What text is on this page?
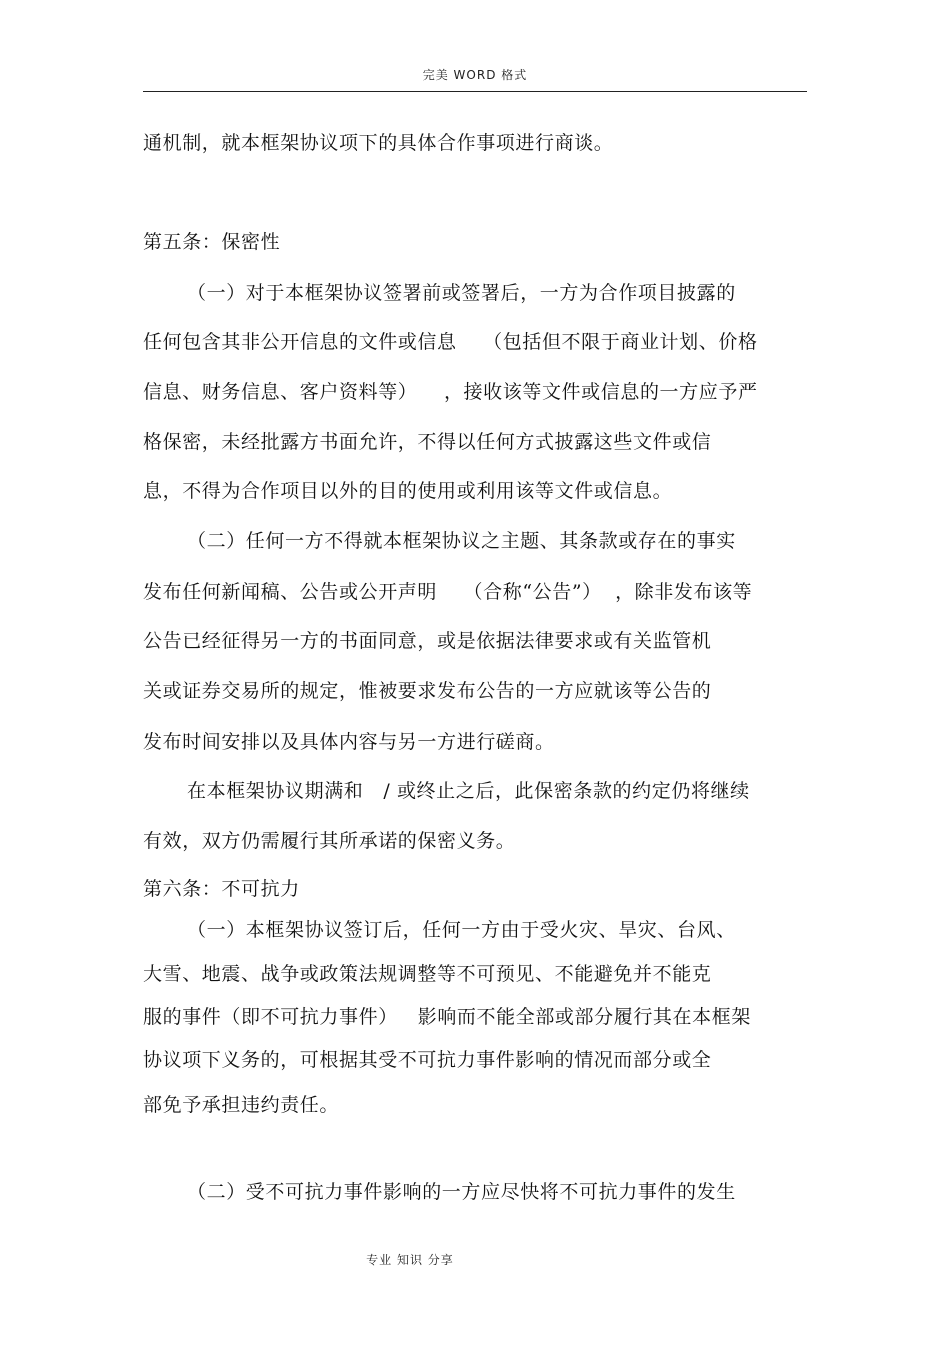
完美 WORD 格式
通机制，就本框架协议项下的具体合作事项进行商谈。
第五条：保密性
（一）对于本框架协议签署前或签署后，一方为合作项目披露的
任何包含其非公开信息的文件或信息    （包括但不限于商业计划、价格
信息、财务信息、客户资料等）    ，接收该等文件或信息的一方应予严
格保密，未经批露方书面允许，不得以任何方式披露这些文件或信
息，不得为合作项目以外的目的使用或利用该等文件或信息。
（二）任何一方不得就本框架协议之主题、其条款或存在的事实
发布任何新闻稿、公告或公开声明    （合称“公告”）  ，除非发布该等
公告已经征得另一方的书面同意，或是依据法律要求或有关监管机
关或证券交易所的规定，惟被要求发布公告的一方应就该等公告的
发布时间安排以及具体内容与另一方进行磋商。
在本框架协议期满和   / 或终止之后，此保密条款的约定仍将继续
有效，双方仍需履行其所承诺的保密义务。
第六条：不可抗力
（一）本框架协议签订后，任何一方由于受火灾、旱灾、台风、
大雪、地震、战争或政策法规调整等不可预见、不能避免并不能克
服的事件（即不可抗力事件）   影响而不能全部或部分履行其在本框架
协议项下义务的，可根据其受不可抗力事件影响的情况而部分或全
部免予承担违约责任。
（二）受不可抗力事件影响的一方应尽快将不可抗力事件的发生
专业 知识 分享
